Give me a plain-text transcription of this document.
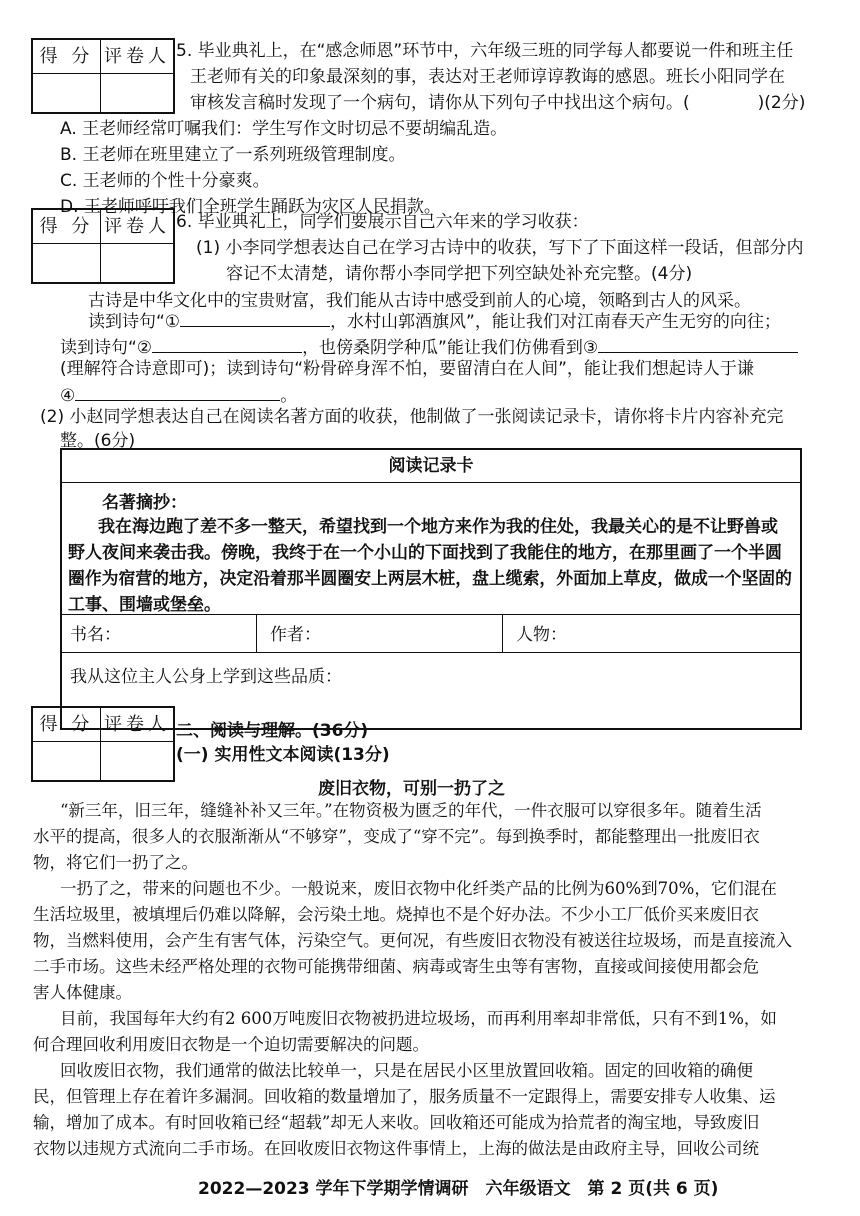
得 分 评卷人 5. 毕业典礼上，在“感念师恩”环节中，六年级三班的同学每人都要说一件和班主任
王老师有关的印象最深刻的事，表达对王老师谆谆教诲的感恩。班长小阳同学在
审核发言稿时发现了一个病句，请你从下列句子中找出这个病句。(　　　　)(2分)
A. 王老师经常叮嘱我们：学生写作文时切忌不要胡编乱造。
B. 王老师在班里建立了一系列班级管理制度。
C. 王老师的个性十分豪爽。
D. 王老师呼吁我们全班学生踊跃为灾区人民捐款。
得 分 评卷人 6. 毕业典礼上，同学们要展示自己六年来的学习收获：
(1) 小李同学想表达自己在学习古诗中的收获，写下了下面这样一段话，但部分内
容记不太清楚，请你帮小李同学把下列空缺处补充完整。(4分)
古诗是中华文化中的宝贵财富，我们能从古诗中感受到前人的心境，领略到古人的风采。
读到诗句“①	，水村山郭酒旗风”，能让我们对江南春天产生无穷的向往；
读到诗句“②	，也傍桑阴学种瓜”能让我们仿佛看到③
(理解符合诗意即可)；读到诗句“粉骨碎身浑不怕，要留清白在人间”，能让我们想起诗人于谦
④	。
(2) 小赵同学想表达自己在阅读名著方面的收获，他制做了一张阅读记录卡，请你将卡片内容补充完
整。(6分)
阅读记录卡
名著摘抄：
我在海边跑了差不多一整天，希望找到一个地方来作为我的住处，我最关心的是不让野兽或
野人夜间来袭击我。傍晚，我终于在一个小山的下面找到了我能住的地方，在那里画了一个半圆
圈作为宿营的地方，决定沿着那半圆圈安上两层木桩，盘上缆索，外面加上草皮，做成一个坚固的
工事、围墙或堡垒。
书名：	作者：	人物：
我从这位主人公身上学到这些品质：
得 分 评卷人 二、阅读与理解。(36分)
(一) 实用性文本阅读(13分)
废旧衣物，可别一扔了之
“新三年，旧三年，缝缝补补又三年。”在物资极为匮乏的年代，一件衣服可以穿很多年。随着生活
水平的提高，很多人的衣服渐渐从“不够穿”，变成了“穿不完”。每到换季时，都能整理出一批废旧衣
物，将它们一扔了之。
一扔了之，带来的问题也不少。一般说来，废旧衣物中化纤类产品的比例为60%到70%，它们混在
生活垃圾里，被填埋后仍难以降解，会污染土地。烧掉也不是个好办法。不少小工厂低价买来废旧衣
物，当燃料使用，会产生有害气体，污染空气。更何况，有些废旧衣物没有被送往垃圾场，而是直接流入
二手市场。这些未经严格处理的衣物可能携带细菌、病毒或寄生虫等有害物，直接或间接使用都会危
害人体健康。
目前，我国每年大约有2 600万吨废旧衣物被扔进垃圾场，而再利用率却非常低，只有不到1%，如
何合理回收利用废旧衣物是一个迫切需要解决的问题。
回收废旧衣物，我们通常的做法比较单一，只是在居民小区里放置回收箱。固定的回收箱的确便
民，但管理上存在着许多漏洞。回收箱的数量增加了，服务质量不一定跟得上，需要安排专人收集、运
输，增加了成本。有时回收箱已经“超载”却无人来收。回收箱还可能成为拾荒者的淘宝地，导致废旧
衣物以违规方式流向二手市场。在回收废旧衣物这件事情上，上海的做法是由政府主导，回收公司统
2022—2023 学年下学期学情调研　六年级语文　第 2 页(共 6 页)
